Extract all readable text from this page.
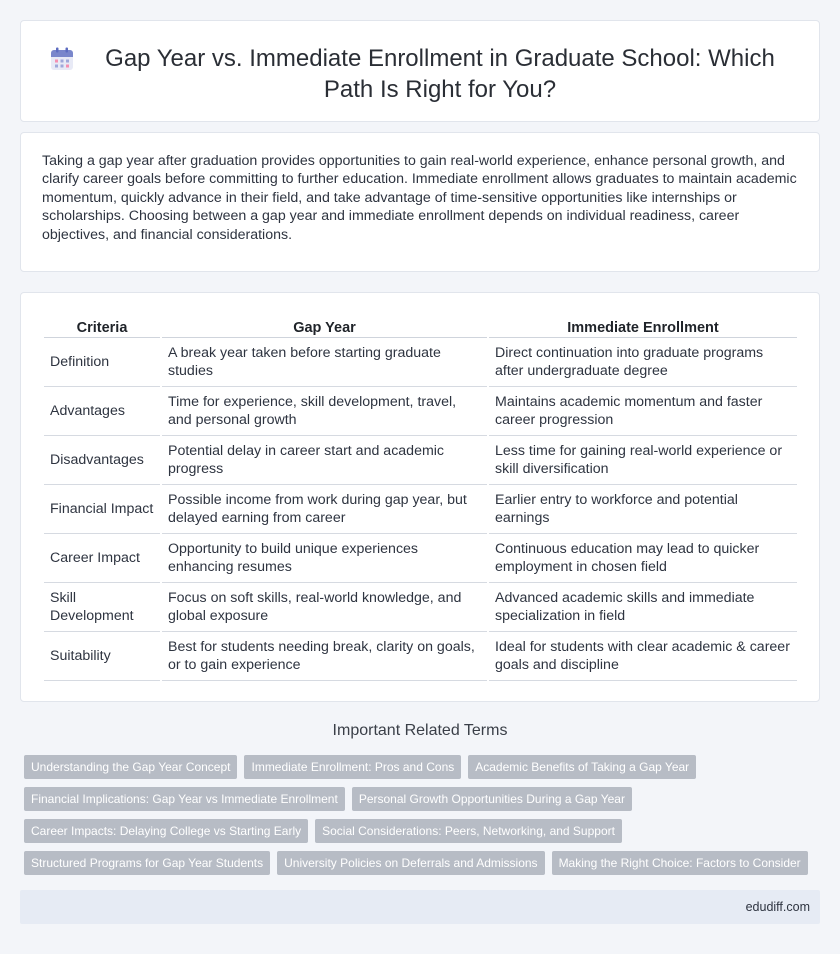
Gap Year vs. Immediate Enrollment in Graduate School: Which Path Is Right for You?

Taking a gap year after graduation provides opportunities to gain real-world experience, enhance personal growth, and clarify career goals before committing to further education. Immediate enrollment allows graduates to maintain academic momentum, quickly advance in their field, and take advantage of time-sensitive opportunities like internships or scholarships. Choosing between a gap year and immediate enrollment depends on individual readiness, career objectives, and financial considerations.

Criteria	Gap Year	Immediate Enrollment
Definition	A break year taken before starting graduate studies	Direct continuation into graduate programs after undergraduate degree
Advantages	Time for experience, skill development, travel, and personal growth	Maintains academic momentum and faster career progression
Disadvantages	Potential delay in career start and academic progress	Less time for gaining real-world experience or skill diversification
Financial Impact	Possible income from work during gap year, but delayed earning from career	Earlier entry to workforce and potential earnings
Career Impact	Opportunity to build unique experiences enhancing resumes	Continuous education may lead to quicker employment in chosen field
Skill Development	Focus on soft skills, real-world knowledge, and global exposure	Advanced academic skills and immediate specialization in field
Suitability	Best for students needing break, clarity on goals, or to gain experience	Ideal for students with clear academic & career goals and discipline
Important Related Terms
Understanding the Gap Year Concept	Immediate Enrollment: Pros and Cons	Academic Benefits of Taking a Gap Year
Financial Implications: Gap Year vs Immediate Enrollment	Personal Growth Opportunities During a Gap Year
Career Impacts: Delaying College vs Starting Early	Social Considerations: Peers, Networking, and Support
Structured Programs for Gap Year Students	University Policies on Deferrals and Admissions	Making the Right Choice: Factors to Consider
edudiff.com
